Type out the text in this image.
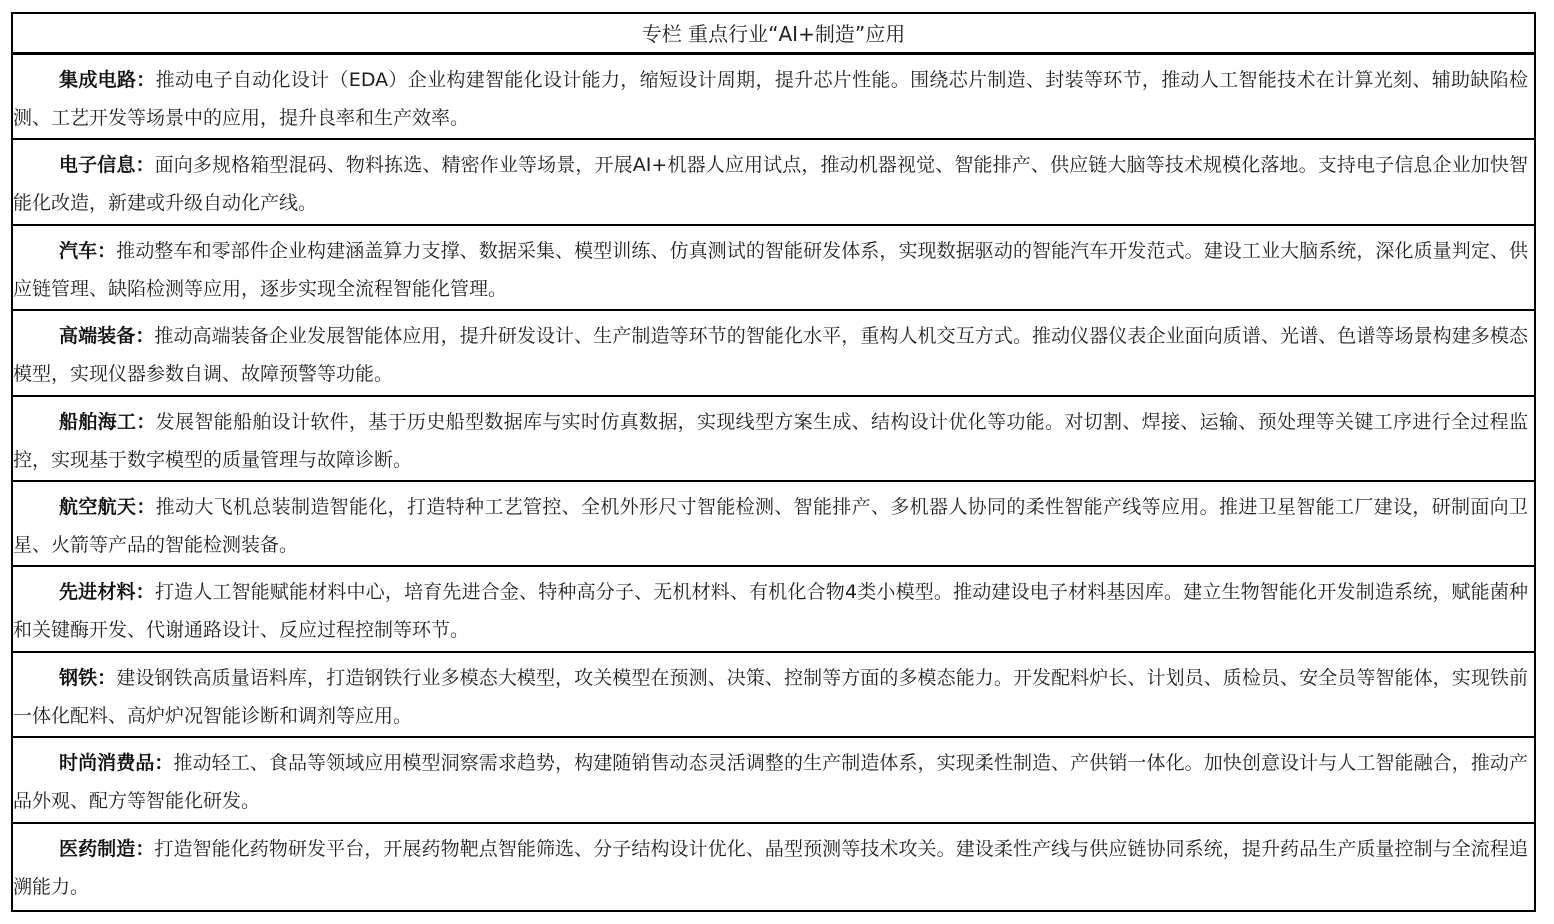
专栏 重点行业“AI+制造”应用
集成电路：推动电子自动化设计（EDA）企业构建智能化设计能力，缩短设计周期，提升芯片性能。围绕芯片制造、封装等环节，推动人工智能技术在计算光刻、辅助缺陷检测、工艺开发等场景中的应用，提升良率和生产效率。
电子信息：面向多规格箱型混码、物料拣选、精密作业等场景，开展AI+机器人应用试点，推动机器视觉、智能排产、供应链大脑等技术规模化落地。支持电子信息企业加快智能化改造，新建或升级自动化产线。
汽车：推动整车和零部件企业构建涵盖算力支撑、数据采集、模型训练、仿真测试的智能研发体系，实现数据驱动的智能汽车开发范式。建设工业大脑系统，深化质量判定、供应链管理、缺陷检测等应用，逐步实现全流程智能化管理。
高端装备：推动高端装备企业发展智能体应用，提升研发设计、生产制造等环节的智能化水平，重构人机交互方式。推动仪器仪表企业面向质谱、光谱、色谱等场景构建多模态模型，实现仪器参数自调、故障预警等功能。
船舶海工：发展智能船舶设计软件，基于历史船型数据库与实时仿真数据，实现线型方案生成、结构设计优化等功能。对切割、焊接、运输、预处理等关键工序进行全过程监控，实现基于数字模型的质量管理与故障诊断。
航空航天：推动大飞机总装制造智能化，打造特种工艺管控、全机外形尺寸智能检测、智能排产、多机器人协同的柔性智能产线等应用。推进卫星智能工厂建设，研制面向卫星、火箭等产品的智能检测装备。
先进材料：打造人工智能赋能材料中心，培育先进合金、特种高分子、无机材料、有机化合物4类小模型。推动建设电子材料基因库。建立生物智能化开发制造系统，赋能菌种和关键酶开发、代谢通路设计、反应过程控制等环节。
钢铁：建设钢铁高质量语料库，打造钢铁行业多模态大模型，攻关模型在预测、决策、控制等方面的多模态能力。开发配料炉长、计划员、质检员、安全员等智能体，实现铁前一体化配料、高炉炉况智能诊断和调剂等应用。
时尚消费品：推动轻工、食品等领域应用模型洞察需求趋势，构建随销售动态灵活调整的生产制造体系，实现柔性制造、产供销一体化。加快创意设计与人工智能融合，推动产品外观、配方等智能化研发。
医药制造：打造智能化药物研发平台，开展药物靶点智能筛选、分子结构设计优化、晶型预测等技术攻关。建设柔性产线与供应链协同系统，提升药品生产质量控制与全流程追溯能力。
